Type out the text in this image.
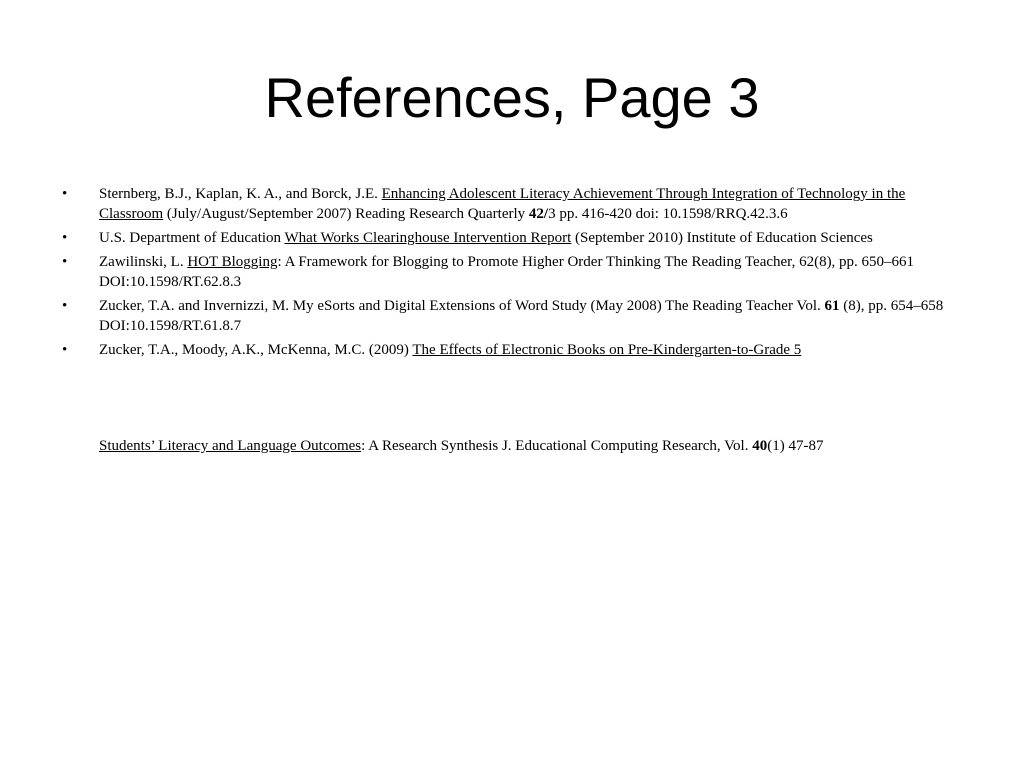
References, Page 3
• Sternberg, B.J., Kaplan, K. A., and Borck, J.E. Enhancing Adolescent Literacy Achievement Through Integration of Technology in the Classroom (July/August/September 2007) Reading Research Quarterly 42/3 pp. 416-420 doi: 10.1598/RRQ.42.3.6
• U.S. Department of Education What Works Clearinghouse Intervention Report (September 2010) Institute of Education Sciences
• Zawilinski, L. HOT Blogging: A Framework for Blogging to Promote Higher Order Thinking The Reading Teacher, 62(8), pp. 650–661 DOI:10.1598/RT.62.8.3
• Zucker, T.A. and Invernizzi, M. My eSorts and Digital Extensions of Word Study (May 2008) The Reading Teacher Vol. 61 (8), pp. 654–658 DOI:10.1598/RT.61.8.7
• Zucker, T.A., Moody, A.K., McKenna, M.C. (2009) The Effects of Electronic Books on Pre-Kindergarten-to-Grade 5
Students’ Literacy and Language Outcomes: A Research Synthesis J. Educational Computing Research, Vol. 40(1) 47-87
